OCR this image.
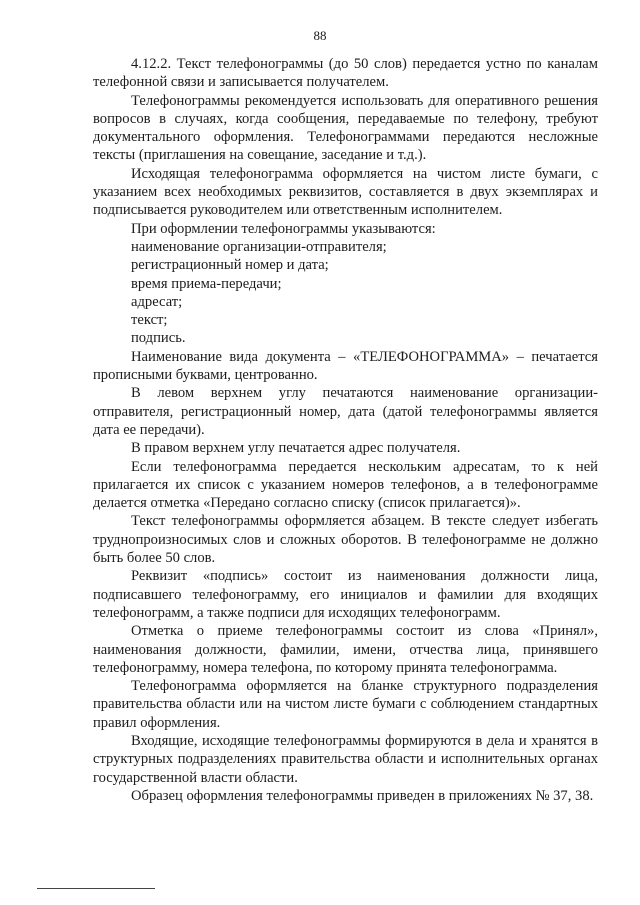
88

4.12.2. Текст телефонограммы (до 50 слов) передается устно по каналам телефонной связи и записывается получателем.

Телефонограммы рекомендуется использовать для оперативного решения вопросов в случаях, когда сообщения, передаваемые по телефону, требуют документального оформления. Телефонограммами передаются несложные тексты (приглашения на совещание, заседание и т.д.).

Исходящая телефонограмма оформляется на чистом листе бумаги, с указанием всех необходимых реквизитов, составляется в двух экземплярах и подписывается руководителем или ответственным исполнителем.

При оформлении телефонограммы указываются:

наименование организации-отправителя;

регистрационный номер и дата;

время приема-передачи;

адресат;

текст;

подпись.

Наименование вида документа – «ТЕЛЕФОНОГРАММА» – печатается прописными буквами, центрованно.

В левом верхнем углу печатаются наименование организации-отправителя, регистрационный номер, дата (датой телефонограммы является дата ее передачи).

В правом верхнем углу печатается адрес получателя.

Если телефонограмма передается нескольким адресатам, то к ней прилагается их список с указанием номеров телефонов, а в телефонограмме делается отметка «Передано согласно списку (список прилагается)».

Текст телефонограммы оформляется абзацем. В тексте следует избегать труднопроизносимых слов и сложных оборотов. В телефонограмме не должно быть более 50 слов.

Реквизит «подпись» состоит из наименования должности лица, подписавшего телефонограмму, его инициалов и фамилии для входящих телефонограмм, а также подписи для исходящих телефонограмм.

Отметка о приеме телефонограммы состоит из слова «Принял», наименования должности, фамилии, имени, отчества лица, принявшего телефонограмму, номера телефона, по которому принята телефонограмма.

Телефонограмма оформляется на бланке структурного подразделения правительства области или на чистом листе бумаги с соблюдением стандартных правил оформления.

Входящие, исходящие телефонограммы формируются в дела и хранятся в структурных подразделениях правительства области и исполнительных органах государственной власти области.

Образец оформления телефонограммы приведен в приложениях № 37, 38.
